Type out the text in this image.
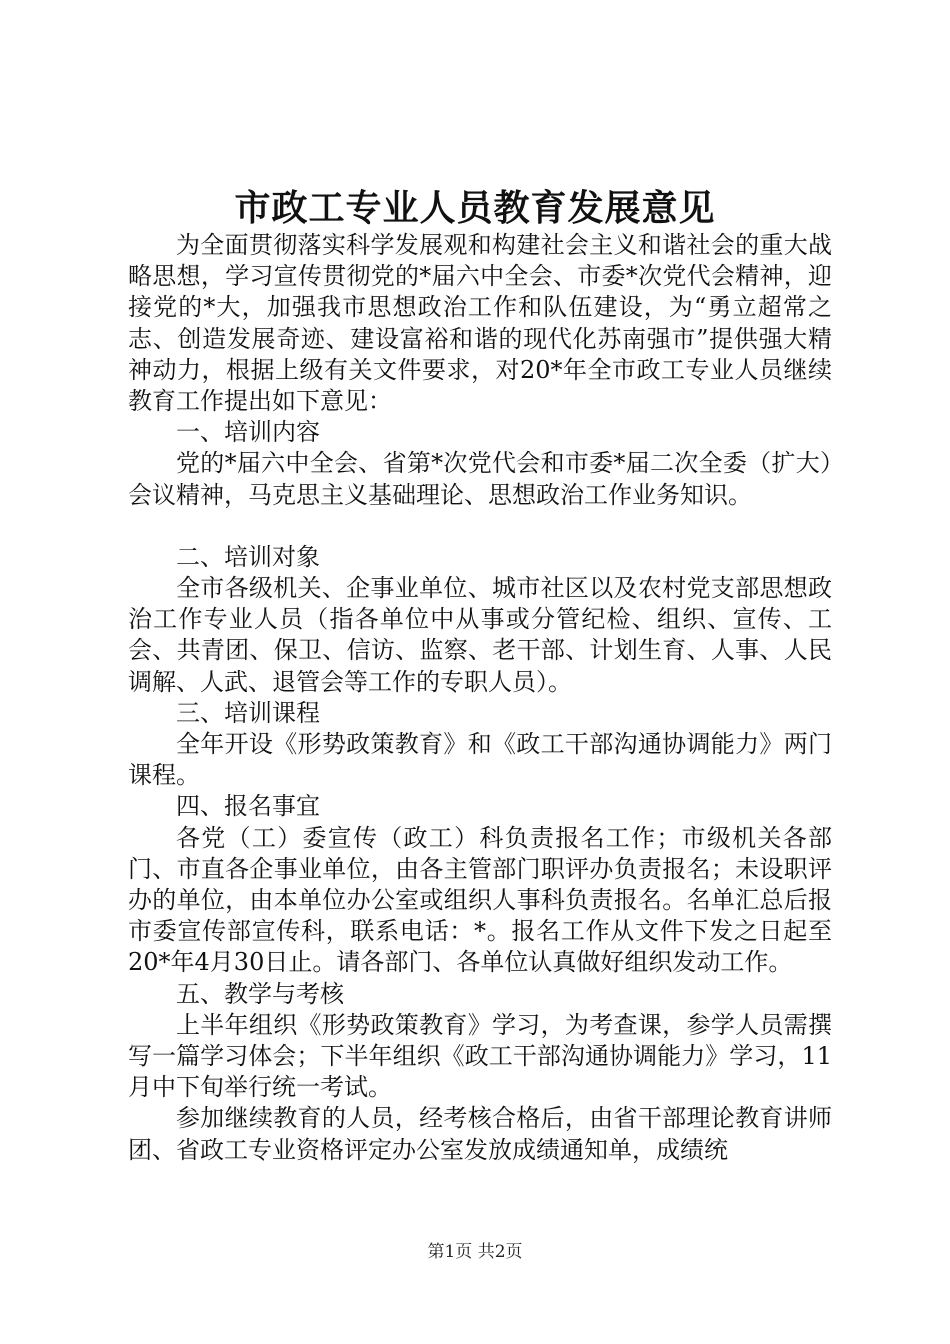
市政工专业人员教育发展意见

为全面贯彻落实科学发展观和构建社会主义和谐社会的重大战略思想，学习宣传贯彻党的*届六中全会、市委*次党代会精神，迎接党的*大，加强我市思想政治工作和队伍建设，为“勇立超常之志、创造发展奇迹、建设富裕和谐的现代化苏南强市”提供强大精神动力，根据上级有关文件要求，对20*年全市政工专业人员继续教育工作提出如下意见：

一、培训内容

党的*届六中全会、省第*次党代会和市委*届二次全委（扩大）会议精神，马克思主义基础理论、思想政治工作业务知识。

二、培训对象

全市各级机关、企事业单位、城市社区以及农村党支部思想政治工作专业人员（指各单位中从事或分管纪检、组织、宣传、工会、共青团、保卫、信访、监察、老干部、计划生育、人事、人民调解、人武、退管会等工作的专职人员）。

三、培训课程

全年开设《形势政策教育》和《政工干部沟通协调能力》两门课程。

四、报名事宜

各党（工）委宣传（政工）科负责报名工作；市级机关各部门、市直各企事业单位，由各主管部门职评办负责报名；未设职评办的单位，由本单位办公室或组织人事科负责报名。名单汇总后报市委宣传部宣传科，联系电话：*。报名工作从文件下发之日起至20*年4月30日止。请各部门、各单位认真做好组织发动工作。

五、教学与考核

上半年组织《形势政策教育》学习，为考查课，参学人员需撰写一篇学习体会；下半年组织《政工干部沟通协调能力》学习，11月中下旬举行统一考试。

参加继续教育的人员，经考核合格后，由省干部理论教育讲师团、省政工专业资格评定办公室发放成绩通知单，成绩统

第1页 共2页
